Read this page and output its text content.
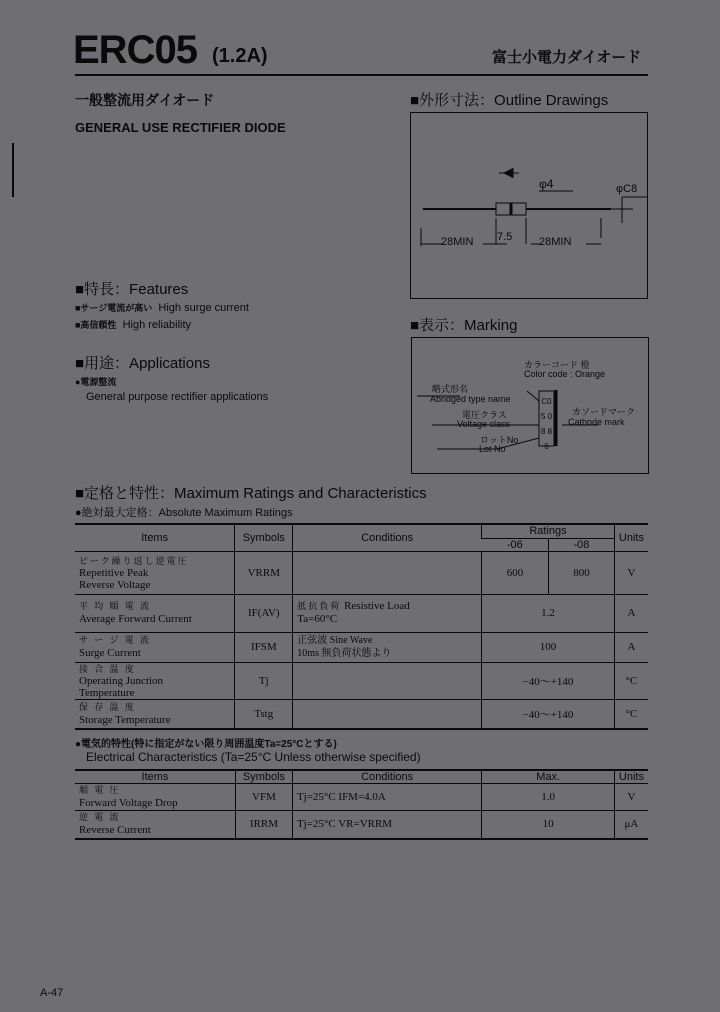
ERC05 (1.2A)	富士小電力ダイオード
一般整流用ダイオード
GENERAL USE RECTIFIER DIODE
■外形寸法：Outline Drawings
φ4	φC8
28MIN 7.5 28MIN
■特長：Features
■サージ電流が高い High surge current
■高信頼性 High reliability
■用途：Applications
●電源整流
General purpose rectifier applications
■表示：Marking
カラーコード 橙
Color code : Orange
略式形名
Abridged type name
電圧クラス
Voltage class
ロットNo
Lot No
カソードマーク
Cathode mark
C05 08 86
■定格と特性：Maximum Ratings and Characteristics
●絶対最大定格：Absolute Maximum Ratings
Items	Symbols	Conditions	Ratings		Units
			-06	-08	
ピーク繰り返し逆電圧
Repetitive Peak
Reverse Voltage	VRRM		600	800	V
平 均 順 電 流
Average Forward Current	IF(AV)	抵抗負荷 Resistive Load
Ta=60°C	1.2		A
サ ー ジ 電 流
Surge Current	IFSM	正弦波 Sine Wave
10ms 無負荷状態より	100		A
接 合 温 度
Operating Junction
Temperature	Tj		−40〜+140		°C
保 存 温 度
Storage Temperature	Tstg		−40〜+140		°C
●電気的特性(特に指定がない限り周囲温度Ta=25°Cとする)
Electrical Characteristics (Ta=25°C Unless otherwise specified)
Items	Symbols	Conditions	Max.	Units
順 電 圧
Forward Voltage Drop	VFM	Tj=25°C IFM=4.0A	1.0	V
逆 電 流
Reverse Current	IRRM	Tj=25°C VR=VRRM	10	μA
A-47
